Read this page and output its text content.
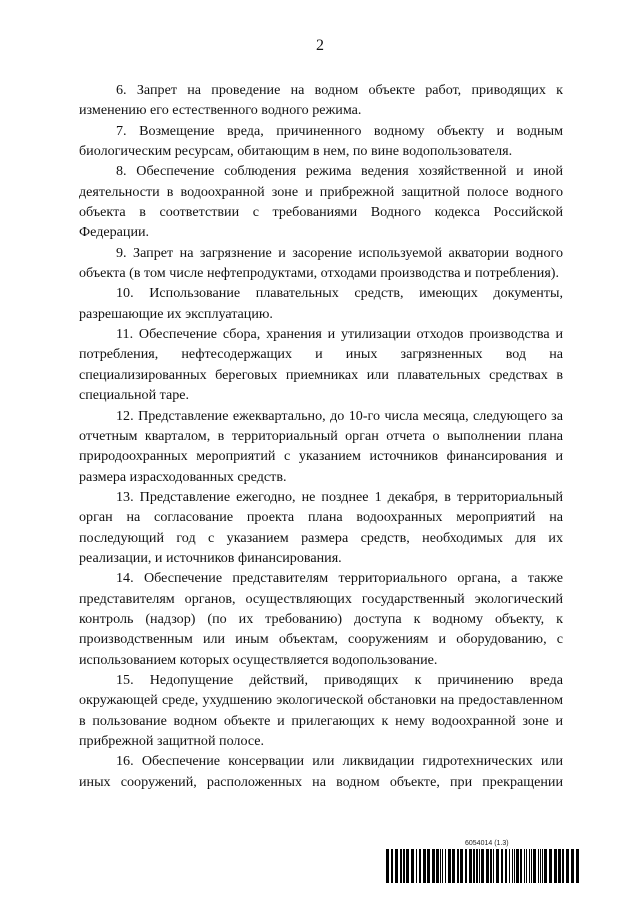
2

6. Запрет на проведение на водном объекте работ, приводящих к изменению его естественного водного режима.

7. Возмещение вреда, причиненного водному объекту и водным биологическим ресурсам, обитающим в нем, по вине водопользователя.

8. Обеспечение соблюдения режима ведения хозяйственной и иной деятельности в водоохранной зоне и прибрежной защитной полосе водного объекта в соответствии с требованиями Водного кодекса Российской Федерации.

9. Запрет на загрязнение и засорение используемой акватории водного объекта (в том числе нефтепродуктами, отходами производства и потребления).

10. Использование плавательных средств, имеющих документы, разрешающие их эксплуатацию.

11. Обеспечение сбора, хранения и утилизации отходов производства и потребления, нефтесодержащих и иных загрязненных вод на специализированных береговых приемниках или плавательных средствах в специальной таре.

12. Представление ежеквартально, до 10-го числа месяца, следующего за отчетным кварталом, в территориальный орган отчета о выполнении плана природоохранных мероприятий с указанием источников финансирования и размера израсходованных средств.

13. Представление ежегодно, не позднее 1 декабря, в территориальный орган на согласование проекта плана водоохранных мероприятий на последующий год с указанием размера средств, необходимых для их реализации, и источников финансирования.

14. Обеспечение представителям территориального органа, а также представителям органов, осуществляющих государственный экологический контроль (надзор) (по их требованию) доступа к водному объекту, к производственным или иным объектам, сооружениям и оборудованию, с использованием которых осуществляется водопользование.

15. Недопущение действий, приводящих к причинению вреда окружающей среде, ухудшению экологической обстановки на предоставленном в пользование водном объекте и прилегающих к нему водоохранной зоне и прибрежной защитной полосе.

16. Обеспечение консервации или ликвидации гидротехнических или иных сооружений, расположенных на водном объекте, при прекращении

6054014 (1.3)
